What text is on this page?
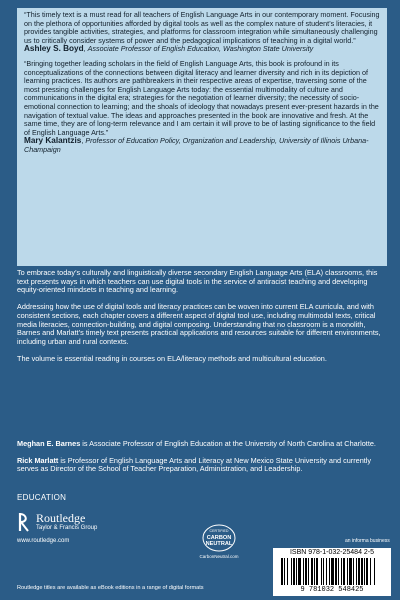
“This timely text is a must read for all teachers of English Language Arts in our contemporary moment. Focusing on the plethora of opportunities afforded by digital tools as well as the complex nature of student’s literacies, it provides tangible activities, strategies, and platforms for classroom integration while simultaneously challenging us to critically consider systems of power and the pedagogical implications of teaching in a digital world.”

Ashley S. Boyd, Associate Professor of English Education, Washington State University

“Bringing together leading scholars in the field of English Language Arts, this book is profound in its conceptualizations of the connections between digital literacy and learner diversity and rich in its depiction of learning practices. Its authors are pathbreakers in their respective areas of expertise, traversing some of the most pressing challenges for English Language Arts today: the essential multimodality of culture and communications in the digital era; strategies for the negotiation of learner diversity; the necessity of socio-emotional connection to learning; and the shoals of ideology that nowadays present ever-present hazards in the navigation of textual value. The ideas and approaches presented in the book are innovative and fresh. At the same time, they are of long-term relevance and I am certain it will prove to be of lasting significance to the field of English Language Arts.”

Mary Kalantzis, Professor of Education Policy, Organization and Leadership, University of Illinois Urbana-Champaign

To embrace today’s culturally and linguistically diverse secondary English Language Arts (ELA) classrooms, this text presents ways in which teachers can use digital tools in the service of antiracist teaching and developing equity-oriented mindsets in teaching and learning.

Addressing how the use of digital tools and literacy practices can be woven into current ELA curricula, and with consistent sections, each chapter covers a different aspect of digital tool use, including multimodal texts, critical media literacies, connection-building, and digital composing. Understanding that no classroom is a monolith, Barnes and Marlatt’s timely text presents practical applications and resources suitable for different environments, including urban and rural contexts.

The volume is essential reading in courses on ELA/literacy methods and multicultural education.

Meghan E. Barnes is Associate Professor of English Education at the University of North Carolina at Charlotte.

Rick Marlatt is Professor of English Language Arts and Literacy at New Mexico State University and currently serves as Director of the School of Teacher Preparation, Administration, and Leadership.

EDUCATION
Routledge
Taylor & Francis Group
www.routledge.com
CERTIFIED
CARBON
NEUTRAL
CarbonNeutral.com
an informa business
ISBN 978-1-032-25484 2-5
9 781032 548425
Routledge titles are available as eBook editions in a range of digital formats
